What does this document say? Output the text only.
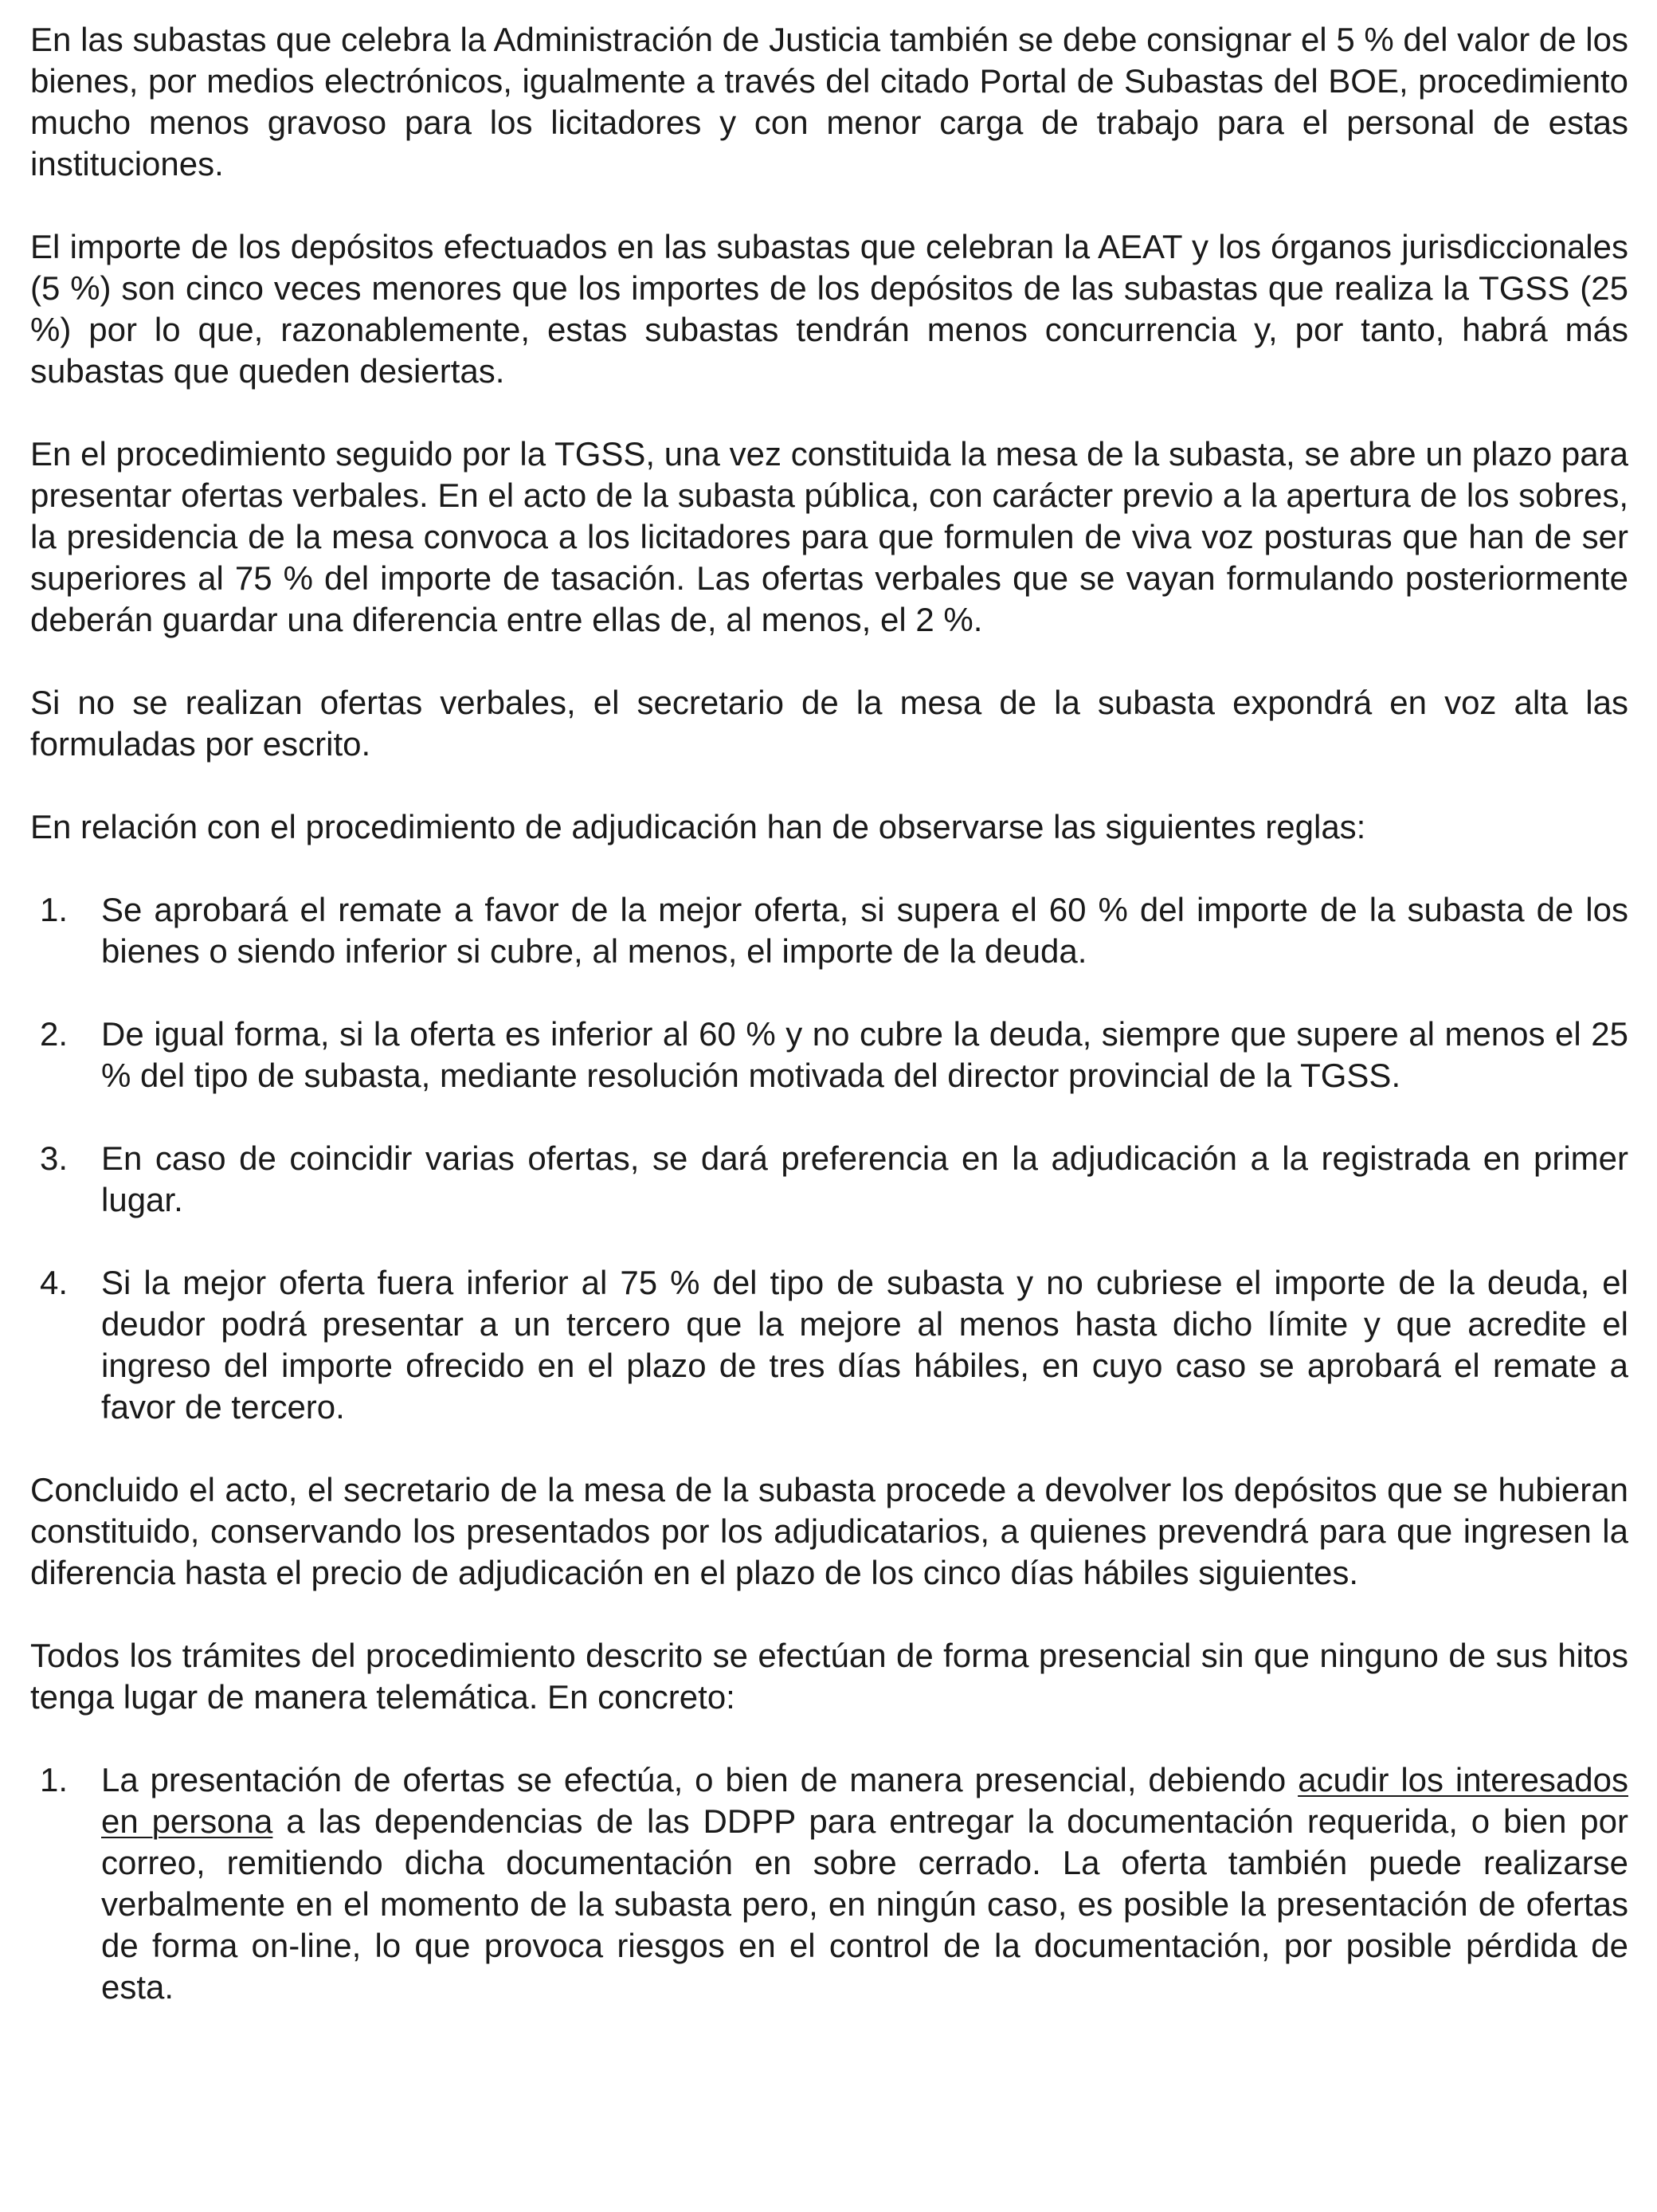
En las subastas que celebra la Administración de Justicia también se debe consignar el 5 % del valor de los bienes, por medios electrónicos, igualmente a través del citado Portal de Subastas del BOE, procedimiento mucho menos gravoso para los licitadores y con menor carga de trabajo para el personal de estas instituciones.

El importe de los depósitos efectuados en las subastas que celebran la AEAT y los órganos jurisdiccionales (5 %) son cinco veces menores que los importes de los depósitos de las subastas que realiza la TGSS (25 %) por lo que, razonablemente, estas subastas tendrán menos concurrencia y, por tanto, habrá más subastas que queden desiertas.

En el procedimiento seguido por la TGSS, una vez constituida la mesa de la subasta, se abre un plazo para presentar ofertas verbales. En el acto de la subasta pública, con carácter previo a la apertura de los sobres, la presidencia de la mesa convoca a los licitadores para que formulen de viva voz posturas que han de ser superiores al 75 % del importe de tasación. Las ofertas verbales que se vayan formulando posteriormente deberán guardar una diferencia entre ellas de, al menos, el 2 %.

Si no se realizan ofertas verbales, el secretario de la mesa de la subasta expondrá en voz alta las formuladas por escrito.

En relación con el procedimiento de adjudicación han de observarse las siguientes reglas:

1. Se aprobará el remate a favor de la mejor oferta, si supera el 60 % del importe de la subasta de los bienes o siendo inferior si cubre, al menos, el importe de la deuda.
2. De igual forma, si la oferta es inferior al 60 % y no cubre la deuda, siempre que supere al menos el 25 % del tipo de subasta, mediante resolución motivada del director provincial de la TGSS.
3. En caso de coincidir varias ofertas, se dará preferencia en la adjudicación a la registrada en primer lugar.
4. Si la mejor oferta fuera inferior al 75 % del tipo de subasta y no cubriese el importe de la deuda, el deudor podrá presentar a un tercero que la mejore al menos hasta dicho límite y que acredite el ingreso del importe ofrecido en el plazo de tres días hábiles, en cuyo caso se aprobará el remate a favor de tercero.

Concluido el acto, el secretario de la mesa de la subasta procede a devolver los depósitos que se hubieran constituido, conservando los presentados por los adjudicatarios, a quienes prevendrá para que ingresen la diferencia hasta el precio de adjudicación en el plazo de los cinco días hábiles siguientes.

Todos los trámites del procedimiento descrito se efectúan de forma presencial sin que ninguno de sus hitos tenga lugar de manera telemática. En concreto:

1. La presentación de ofertas se efectúa, o bien de manera presencial, debiendo acudir los interesados en persona a las dependencias de las DDPP para entregar la documentación requerida, o bien por correo, remitiendo dicha documentación en sobre cerrado. La oferta también puede realizarse verbalmente en el momento de la subasta pero, en ningún caso, es posible la presentación de ofertas de forma on-line, lo que provoca riesgos en el control de la documentación, por posible pérdida de esta.
